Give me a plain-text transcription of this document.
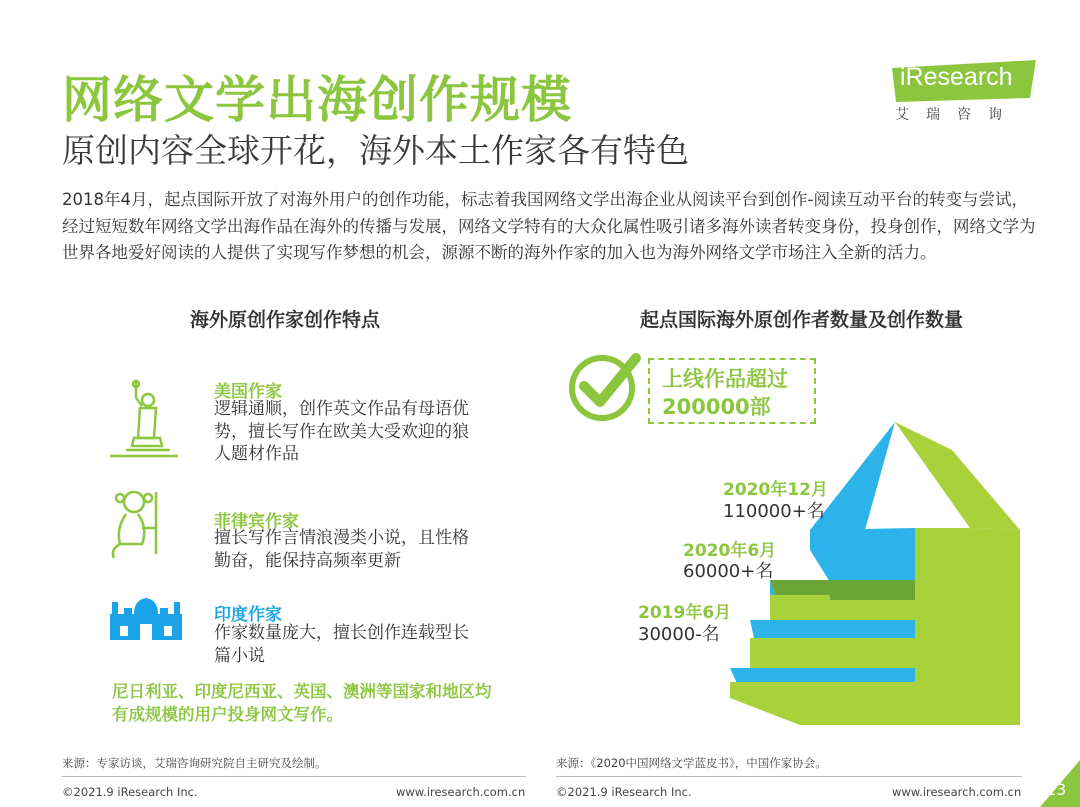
网络文学出海创作规模
原创内容全球开花，海外本土作家各有特色
iResearch
艾瑞咨询
2018年4月，起点国际开放了对海外用户的创作功能，标志着我国网络文学出海企业从阅读平台到创作-阅读互动平台的转变与尝试，经过短短数年网络文学出海作品在海外的传播与发展，网络文学特有的大众化属性吸引诸多海外读者转变身份，投身创作，网络文学为世界各地爱好阅读的人提供了实现写作梦想的机会，源源不断的海外作家的加入也为海外网络文学市场注入全新的活力。
海外原创作家创作特点	起点国际海外原创作者数量及创作数量
美国作家
逻辑通顺，创作英文作品有母语优势，擅长写作在欧美大受欢迎的狼人题材作品
菲律宾作家
擅长写作言情浪漫类小说，且性格勤奋，能保持高频率更新
印度作家
作家数量庞大，擅长创作连载型长篇小说
尼日利亚、印度尼西亚、英国、澳洲等国家和地区均有成规模的用户投身网文写作。
上线作品超过
200000部
2020年12月
110000+名
2020年6月
60000+名
2019年6月
30000-名
来源：专家访谈，艾瑞咨询研究院自主研究及绘制。	来源：《2020中国网络文学蓝皮书》，中国作家协会。
©2021.9 iResearch Inc.	www.iresearch.com.cn	©2021.9 iResearch Inc.	www.iresearch.com.cn 13
